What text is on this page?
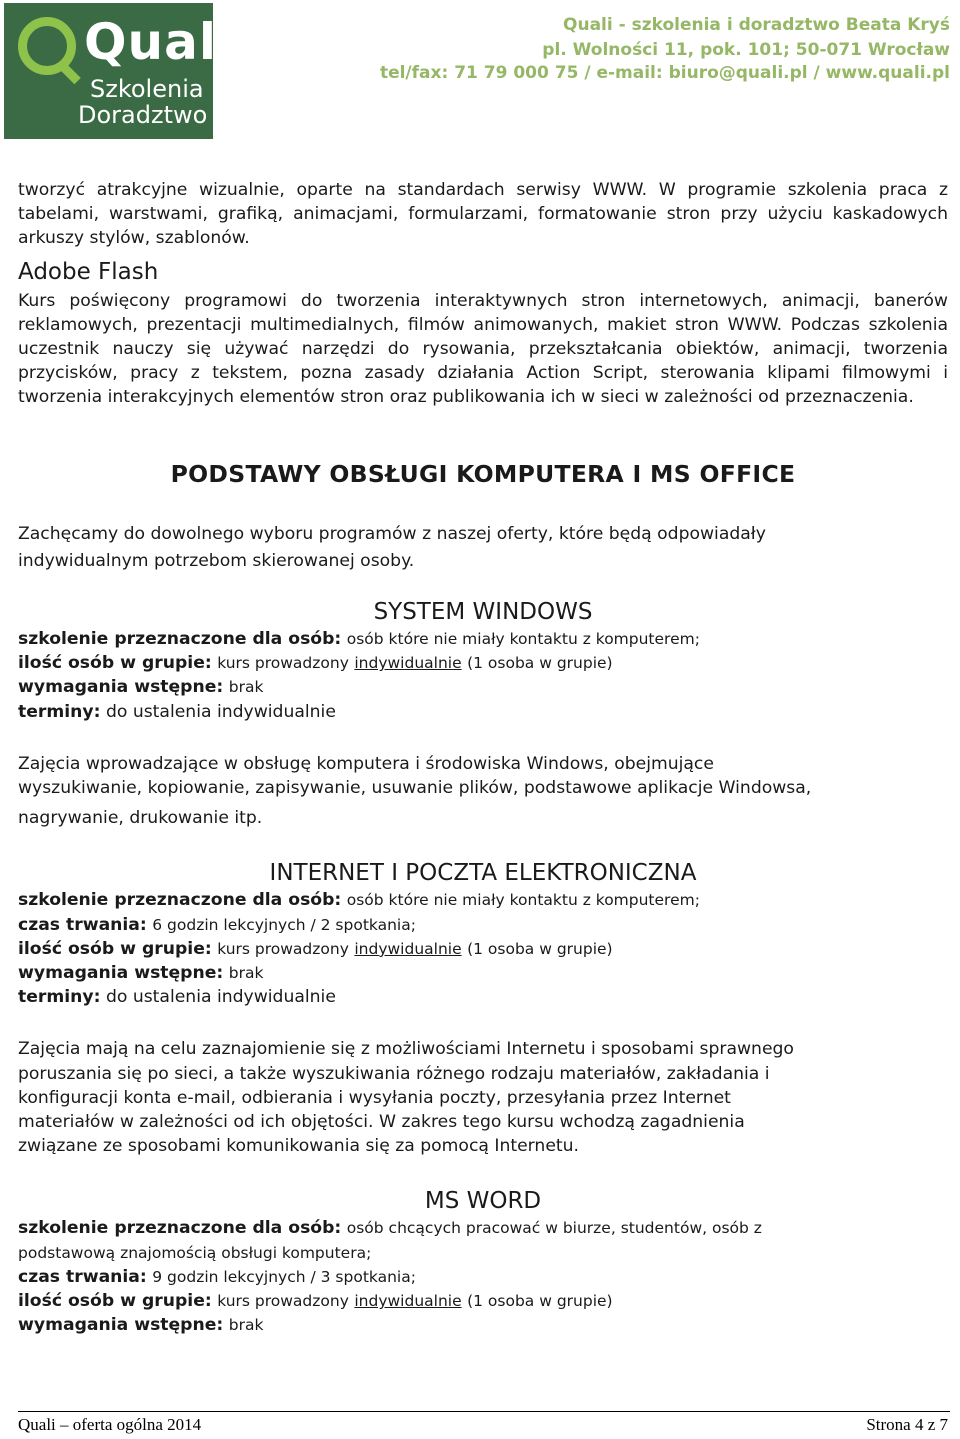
Quali
Szkolenia
Doradztwo
Quali - szkolenia i doradztwo Beata Kryś
pl. Wolności 11, pok. 101; 50-071 Wrocław
tel/fax: 71 79 000 75 / e-mail: biuro@quali.pl / www.quali.pl

tworzyć atrakcyjne wizualnie, oparte na standardach serwisy WWW. W programie szkolenia praca z tabelami, warstwami, grafiką, animacjami, formularzami, formatowanie stron przy użyciu kaskadowych arkuszy stylów, szablonów.

Adobe Flash

Kurs poświęcony programowi do tworzenia interaktywnych stron internetowych, animacji, banerów reklamowych, prezentacji multimedialnych, filmów animowanych, makiet stron WWW. Podczas szkolenia uczestnik nauczy się używać narzędzi do rysowania, przekształcania obiektów, animacji, tworzenia przycisków, pracy z tekstem, pozna zasady działania Action Script, sterowania klipami filmowymi i tworzenia interakcyjnych elementów stron oraz publikowania ich w sieci w zależności od przeznaczenia.

PODSTAWY OBSŁUGI KOMPUTERA I MS OFFICE

Zachęcamy do dowolnego wyboru programów z naszej oferty, które będą odpowiadały

indywidualnym potrzebom skierowanej osoby.

SYSTEM WINDOWS

szkolenie przeznaczone dla osób: osób które nie miały kontaktu z komputerem;

ilość osób w grupie: kurs prowadzony indywidualnie (1 osoba w grupie)

wymagania wstępne: brak

terminy: do ustalenia indywidualnie

Zajęcia wprowadzające w obsługę komputera i środowiska Windows, obejmujące

wyszukiwanie, kopiowanie, zapisywanie, usuwanie plików, podstawowe aplikacje Windowsa,

nagrywanie, drukowanie itp.

INTERNET I POCZTA ELEKTRONICZNA

szkolenie przeznaczone dla osób: osób które nie miały kontaktu z komputerem;

czas trwania: 6 godzin lekcyjnych / 2 spotkania;

ilość osób w grupie: kurs prowadzony indywidualnie (1 osoba w grupie)

wymagania wstępne: brak

terminy: do ustalenia indywidualnie

Zajęcia mają na celu zaznajomienie się z możliwościami Internetu i sposobami sprawnego

poruszania się po sieci, a także wyszukiwania różnego rodzaju materiałów, zakładania i

konfiguracji konta e-mail, odbierania i wysyłania poczty, przesyłania przez Internet

materiałów w zależności od ich objętości. W zakres tego kursu wchodzą zagadnienia

związane ze sposobami komunikowania się za pomocą Internetu.

MS WORD

szkolenie przeznaczone dla osób: osób chcących pracować w biurze, studentów, osób z

podstawową znajomością obsługi komputera;

czas trwania: 9 godzin lekcyjnych / 3 spotkania;

ilość osób w grupie: kurs prowadzony indywidualnie (1 osoba w grupie)

wymagania wstępne: brak

Quali – oferta ogólna 2014	Strona 4 z 7
